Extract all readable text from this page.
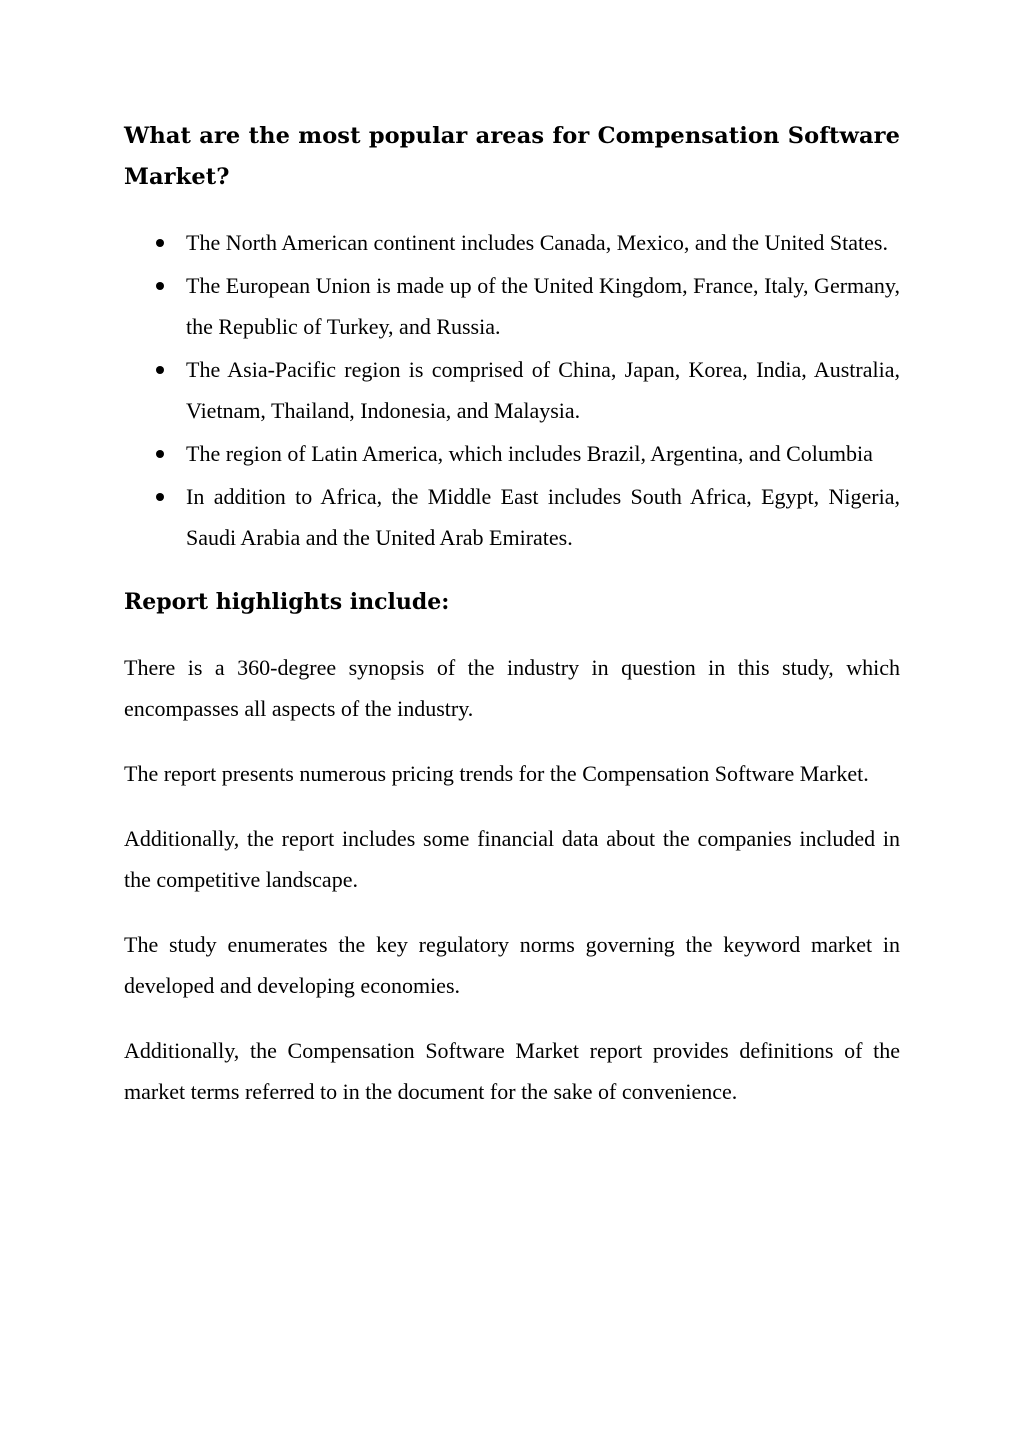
What are the most popular areas for Compensation Software Market?

The North American continent includes Canada, Mexico, and the United States.
The European Union is made up of the United Kingdom, France, Italy, Germany, the Republic of Turkey, and Russia.
The Asia-Pacific region is comprised of China, Japan, Korea, India, Australia, Vietnam, Thailand, Indonesia, and Malaysia.
The region of Latin America, which includes Brazil, Argentina, and Columbia
In addition to Africa, the Middle East includes South Africa, Egypt, Nigeria, Saudi Arabia and the United Arab Emirates.

Report highlights include:

There is a 360-degree synopsis of the industry in question in this study, which encompasses all aspects of the industry.

The report presents numerous pricing trends for the Compensation Software Market.

Additionally, the report includes some financial data about the companies included in the competitive landscape.

The study enumerates the key regulatory norms governing the keyword market in developed and developing economies.

Additionally, the Compensation Software Market report provides definitions of the market terms referred to in the document for the sake of convenience.
